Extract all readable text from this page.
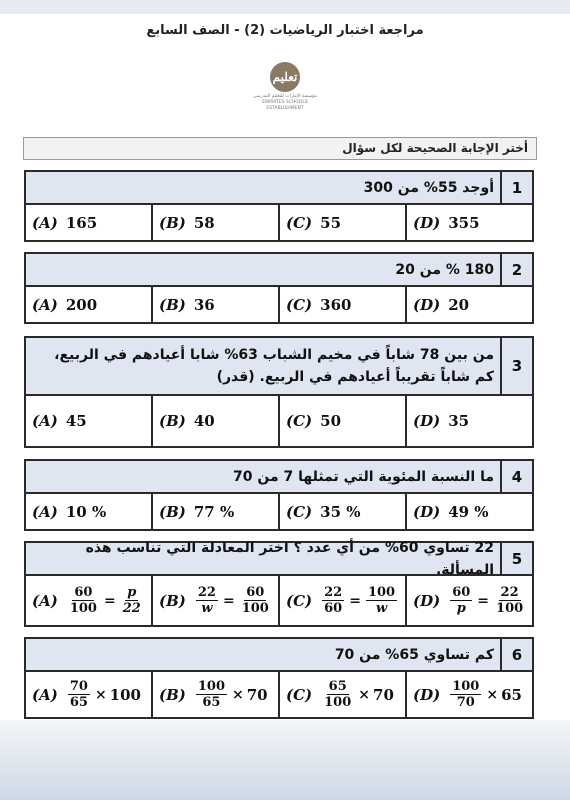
مراجعة اختبار الرياضيات (2) - الصف السابع
تعليم
مؤسسة الإمارات للتعليم المدرسي EMIRATES SCHOOLS ESTABLISHMENT
أختر الإجابة الصحيحة لكل سؤال
1
أوجد 55% من 300
(A) 165	(B) 58	(C) 55	(D) 355
2
180 % من 20
(A) 200	(B) 36	(C) 360	(D) 20
3
من بين 78 شاباً في مخيم الشباب 63% شابا أعيادهم في الربيع، كم شاباً تقريباً أعيادهم في الربيع. (قدر)
(A) 45	(B) 40	(C) 50	(D) 35
4
ما النسبة المئوية التي تمثلها 7 من 70
(A) 10 %	(B) 77 %	(C) 35 %	(D) 49 %
5
22 تساوي 60% من أي عدد ؟ اختر المعادلة التي تناسب هذه المسألة.
$(A) \frac{60}{100} = \frac{p}{22} (B) \frac{22}{w} = \frac{60}{100} (C) \frac{22}{60} = \frac{100}{w} (D) \frac{60}{p} = \frac{22}{100}$
6
كم تساوي 65% من 70
$(A) \frac{70}{65} \times 100$ $(B) \frac{100}{65} \times 70$ $(C) \frac{65}{100} \times 70$ $(D) \frac{100}{70} \times 65$
